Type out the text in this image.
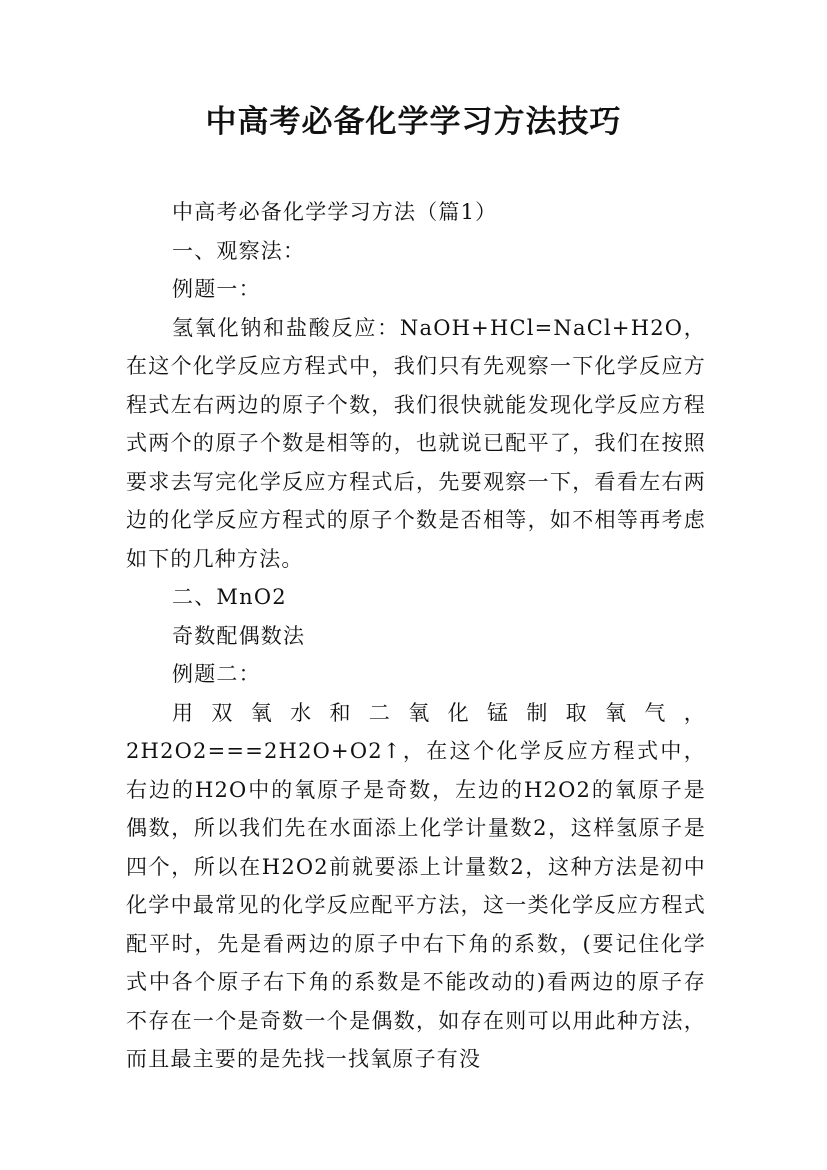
中高考必备化学学习方法技巧

中高考必备化学学习方法（篇1）

一、观察法：

例题一：

氢氧化钠和盐酸反应：NaOH+HCl=NaCl+H2O，在这个化学反应方程式中，我们只有先观察一下化学反应方程式左右两边的原子个数，我们很快就能发现化学反应方程式两个的原子个数是相等的，也就说已配平了，我们在按照要求去写完化学反应方程式后，先要观察一下，看看左右两边的化学反应方程式的原子个数是否相等，如不相等再考虑如下的几种方法。

二、MnO2

奇数配偶数法

例题二：

用双氧水和二氧化锰制取氧气，2H2O2===2H2O+O2↑，在这个化学反应方程式中，右边的H2O中的氧原子是奇数，左边的H2O2的氧原子是偶数，所以我们先在水面添上化学计量数2，这样氢原子是四个，所以在H2O2前就要添上计量数2，这种方法是初中化学中最常见的化学反应配平方法，这一类化学反应方程式配平时，先是看两边的原子中右下角的系数，(要记住化学式中各个原子右下角的系数是不能改动的)看两边的原子存不存在一个是奇数一个是偶数，如存在则可以用此种方法，而且最主要的是先找一找氧原子有没
